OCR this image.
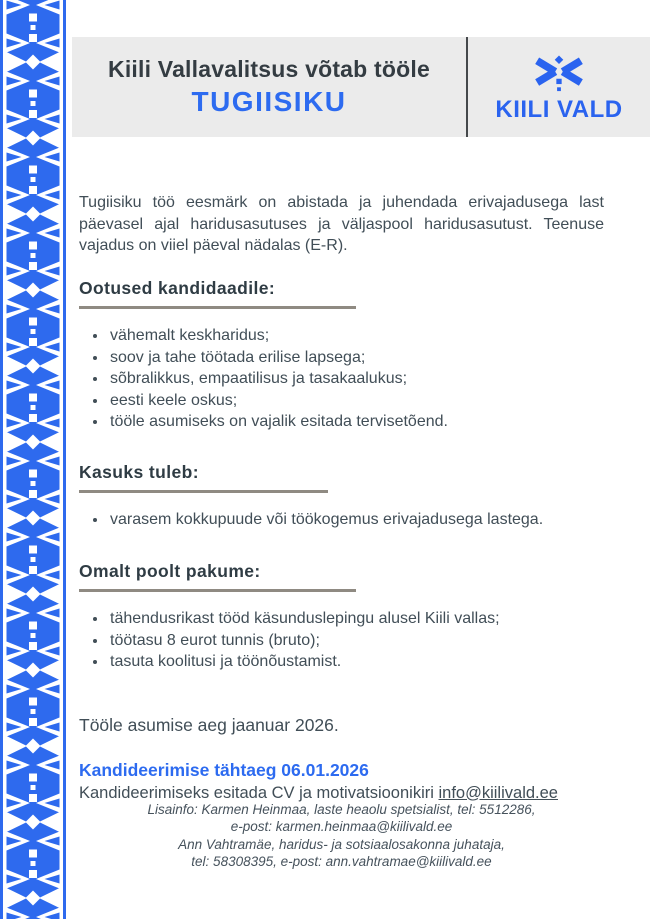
Kiili Vallavalitsus võtab tööle
TUGIISIKU	KIILI VALD

Tugiisiku töö eesmärk on abistada ja juhendada erivajadusega last päevasel ajal haridusasutuses ja väljaspool haridusasutust. Teenuse vajadus on viiel päeval nädalas (E-R).

Ootused kandidaadile:
• vähemalt keskharidus;
• soov ja tahe töötada erilise lapsega;
• sõbralikkus, empaatilisus ja tasakaalukus;
• eesti keele oskus;
• tööle asumiseks on vajalik esitada tervisetõend.
Kasuks tuleb:
• varasem kokkupuude või töökogemus erivajadusega lastega.
Omalt poolt pakume:
• tähendusrikast tööd käsunduslepingu alusel Kiili vallas;
• töötasu 8 eurot tunnis (bruto);
• tasuta koolitusi ja töönõustamist.

Tööle asumise aeg jaanuar 2026.

Kandideerimise tähtaeg 06.01.2026

Kandideerimiseks esitada CV ja motivatsioonikiri info@kiilivald.ee

Lisainfo: Karmen Heinmaa, laste heaolu spetsialist, tel: 5512286,
e-post: karmen.heinmaa@kiilivald.ee
Ann Vahtramäe, haridus- ja sotsiaalosakonna juhataja,
tel: 58308395, e-post: ann.vahtramae@kiilivald.ee
